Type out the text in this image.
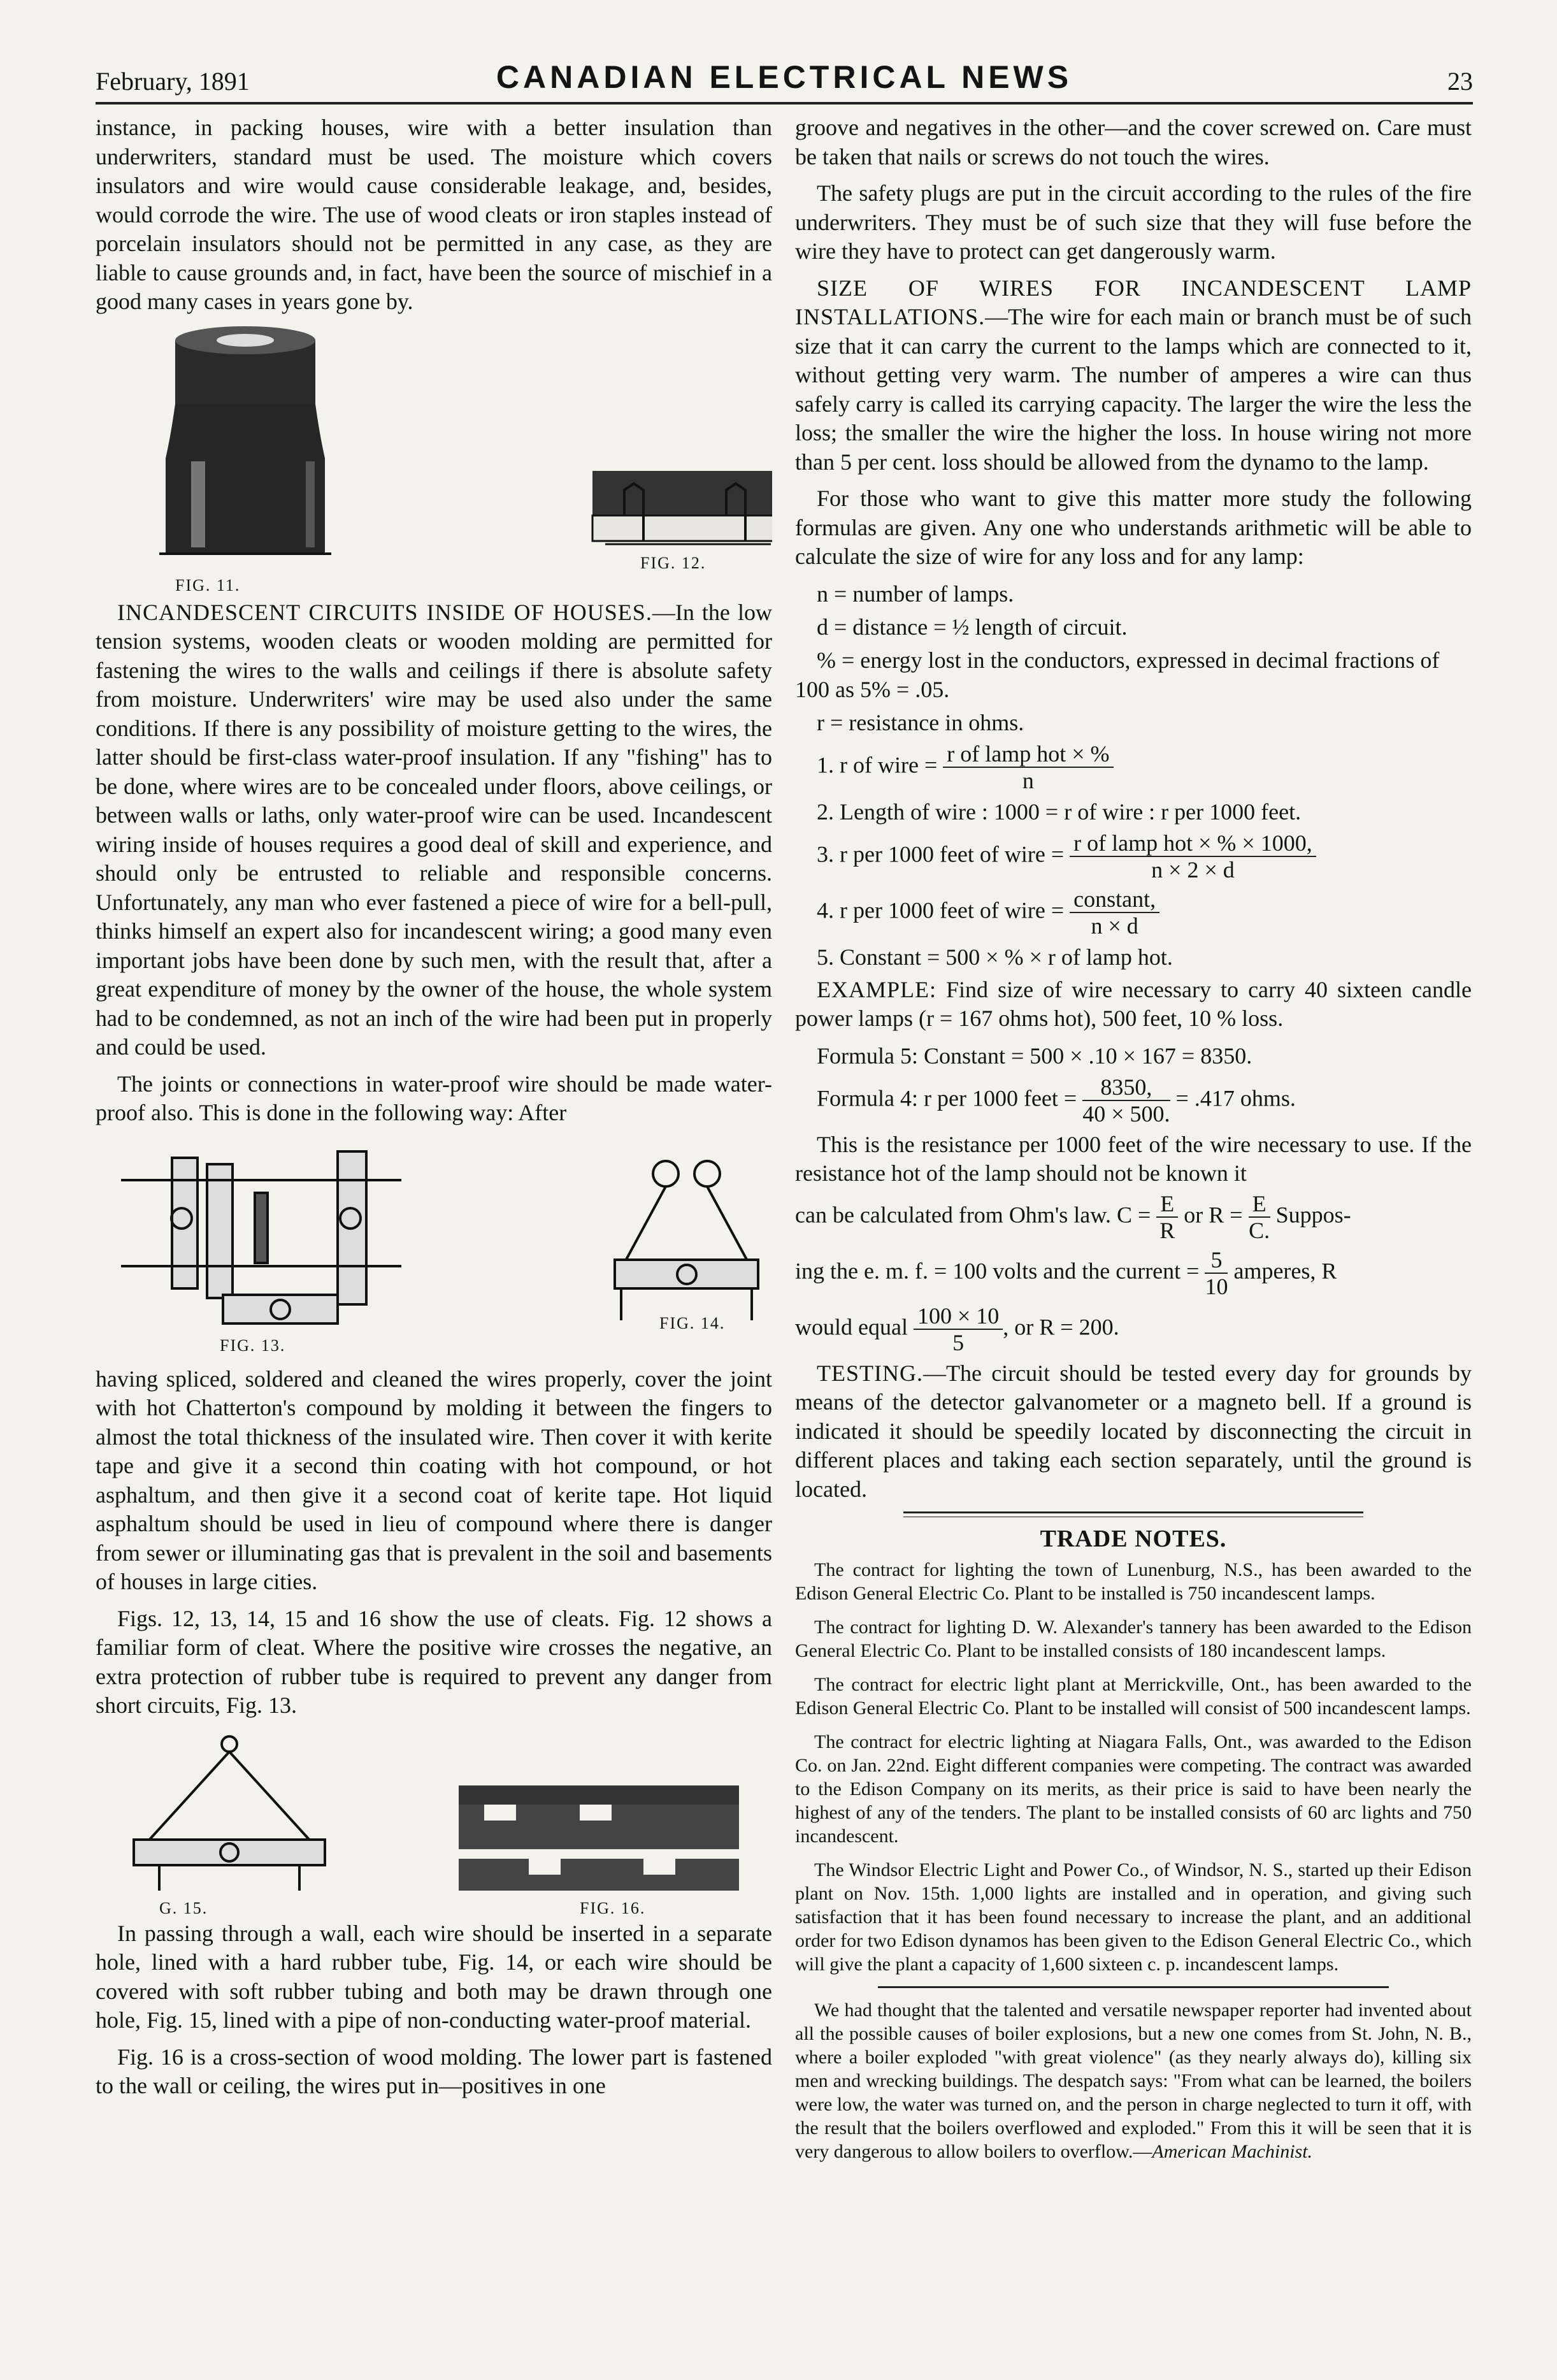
February, 1891	CANADIAN ELECTRICAL NEWS	23

instance, in packing houses, wire with a better insulation than underwriters, standard must be used. The moisture which covers insulators and wire would cause considerable leakage, and, besides, would corrode the wire. The use of wood cleats or iron staples instead of porcelain insulators should not be permitted in any case, as they are liable to cause grounds and, in fact, have been the source of mischief in a good many cases in years gone by.

FIG. 11.
FIG. 12.

INCANDESCENT CIRCUITS INSIDE OF HOUSES.—In the low tension systems, wooden cleats or wooden molding are permitted for fastening the wires to the walls and ceilings if there is absolute safety from moisture. Underwriters' wire may be used also under the same conditions. If there is any possibility of moisture getting to the wires, the latter should be first-class water-proof insulation. If any "fishing" has to be done, where wires are to be concealed under floors, above ceilings, or between walls or laths, only water-proof wire can be used. Incandescent wiring inside of houses requires a good deal of skill and experience, and should only be entrusted to reliable and responsible concerns. Unfortunately, any man who ever fastened a piece of wire for a bell-pull, thinks himself an expert also for incandescent wiring; a good many even important jobs have been done by such men, with the result that, after a great expenditure of money by the owner of the house, the whole system had to be condemned, as not an inch of the wire had been put in properly and could be used.

The joints or connections in water-proof wire should be made water-proof also. This is done in the following way: After

FIG. 13.
FIG. 14.

having spliced, soldered and cleaned the wires properly, cover the joint with hot Chatterton's compound by molding it between the fingers to almost the total thickness of the insulated wire. Then cover it with kerite tape and give it a second thin coating with hot compound, or hot asphaltum, and then give it a second coat of kerite tape. Hot liquid asphaltum should be used in lieu of compound where there is danger from sewer or illuminating gas that is prevalent in the soil and basements of houses in large cities.

Figs. 12, 13, 14, 15 and 16 show the use of cleats. Fig. 12 shows a familiar form of cleat. Where the positive wire crosses the negative, an extra protection of rubber tube is required to prevent any danger from short circuits, Fig. 13.

G. 15.	FIG. 16.

In passing through a wall, each wire should be inserted in a separate hole, lined with a hard rubber tube, Fig. 14, or each wire should be covered with soft rubber tubing and both may be drawn through one hole, Fig. 15, lined with a pipe of non-conducting water-proof material.

Fig. 16 is a cross-section of wood molding. The lower part is fastened to the wall or ceiling, the wires put in—positives in one

groove and negatives in the other—and the cover screwed on. Care must be taken that nails or screws do not touch the wires.

The safety plugs are put in the circuit according to the rules of the fire underwriters. They must be of such size that they will fuse before the wire they have to protect can get dangerously warm.

SIZE OF WIRES FOR INCANDESCENT LAMP INSTALLATIONS.—The wire for each main or branch must be of such size that it can carry the current to the lamps which are connected to it, without getting very warm. The number of amperes a wire can thus safely carry is called its carrying capacity. The larger the wire the less the loss; the smaller the wire the higher the loss. In house wiring not more than 5 per cent. loss should be allowed from the dynamo to the lamp.

For those who want to give this matter more study the following formulas are given. Any one who understands arithmetic will be able to calculate the size of wire for any loss and for any lamp:

n = number of lamps.
d = distance = ½ length of circuit.
% = energy lost in the conductors, expressed in decimal fractions of 100 as 5% = .05.
r = resistance in ohms.
1. r of wire = $\frac{\text{r of lamp hot × \%}}{n}$
2. Length of wire : 1000 = r of wire : r per 1000 feet.
3. r per 1000 feet of wire = $\frac{\text{r of lamp hot × \% × 1000,}}{n \times 2 \times d}$
4. r per 1000 feet of wire = $\frac{\text{constant,}}{n \times d}$
5. Constant = 500 × % × r of lamp hot.

EXAMPLE: Find size of wire necessary to carry 40 sixteen candle power lamps (r = 167 ohms hot), 500 feet, 10 % loss.

Formula 5: Constant = 500 × .10 × 167 = 8350.
Formula 4: r per 1000 feet = $\frac{8350,}{40 \times 500.} = .417$ ohms.

This is the resistance per 1000 feet of the wire necessary to use. If the resistance hot of the lamp should not be known it

can be calculated from Ohm's law. $C = \frac{E}{R}$ or $R = \frac{E}{C.}$ Suppos-
ing the e. m. f. = 100 volts and the current = $\frac{5}{10}$ amperes, R
would equal $\frac{100 \times 10}{5}$ , or R = 200.

TESTING.—The circuit should be tested every day for grounds by means of the detector galvanometer or a magneto bell. If a ground is indicated it should be speedily located by disconnecting the circuit in different places and taking each section separately, until the ground is located.

TRADE NOTES.

The contract for lighting the town of Lunenburg, N.S., has been awarded to the Edison General Electric Co. Plant to be installed is 750 incandescent lamps.

The contract for lighting D. W. Alexander's tannery has been awarded to the Edison General Electric Co. Plant to be installed consists of 180 incandescent lamps.

The contract for electric light plant at Merrickville, Ont., has been awarded to the Edison General Electric Co. Plant to be installed will consist of 500 incandescent lamps.

The contract for electric lighting at Niagara Falls, Ont., was awarded to the Edison Co. on Jan. 22nd. Eight different companies were competing. The contract was awarded to the Edison Company on its merits, as their price is said to have been nearly the highest of any of the tenders. The plant to be installed consists of 60 arc lights and 750 incandescent.

The Windsor Electric Light and Power Co., of Windsor, N. S., started up their Edison plant on Nov. 15th. 1,000 lights are installed and in operation, and giving such satisfaction that it has been found necessary to increase the plant, and an additional order for two Edison dynamos has been given to the Edison General Electric Co., which will give the plant a capacity of 1,600 sixteen c. p. incandescent lamps.

We had thought that the talented and versatile newspaper reporter had invented about all the possible causes of boiler explosions, but a new one comes from St. John, N. B., where a boiler exploded "with great violence" (as they nearly always do), killing six men and wrecking buildings. The despatch says: "From what can be learned, the boilers were low, the water was turned on, and the person in charge neglected to turn it off, with the result that the boilers overflowed and exploded." From this it will be seen that it is very dangerous to allow boilers to overflow.—American Machinist.
